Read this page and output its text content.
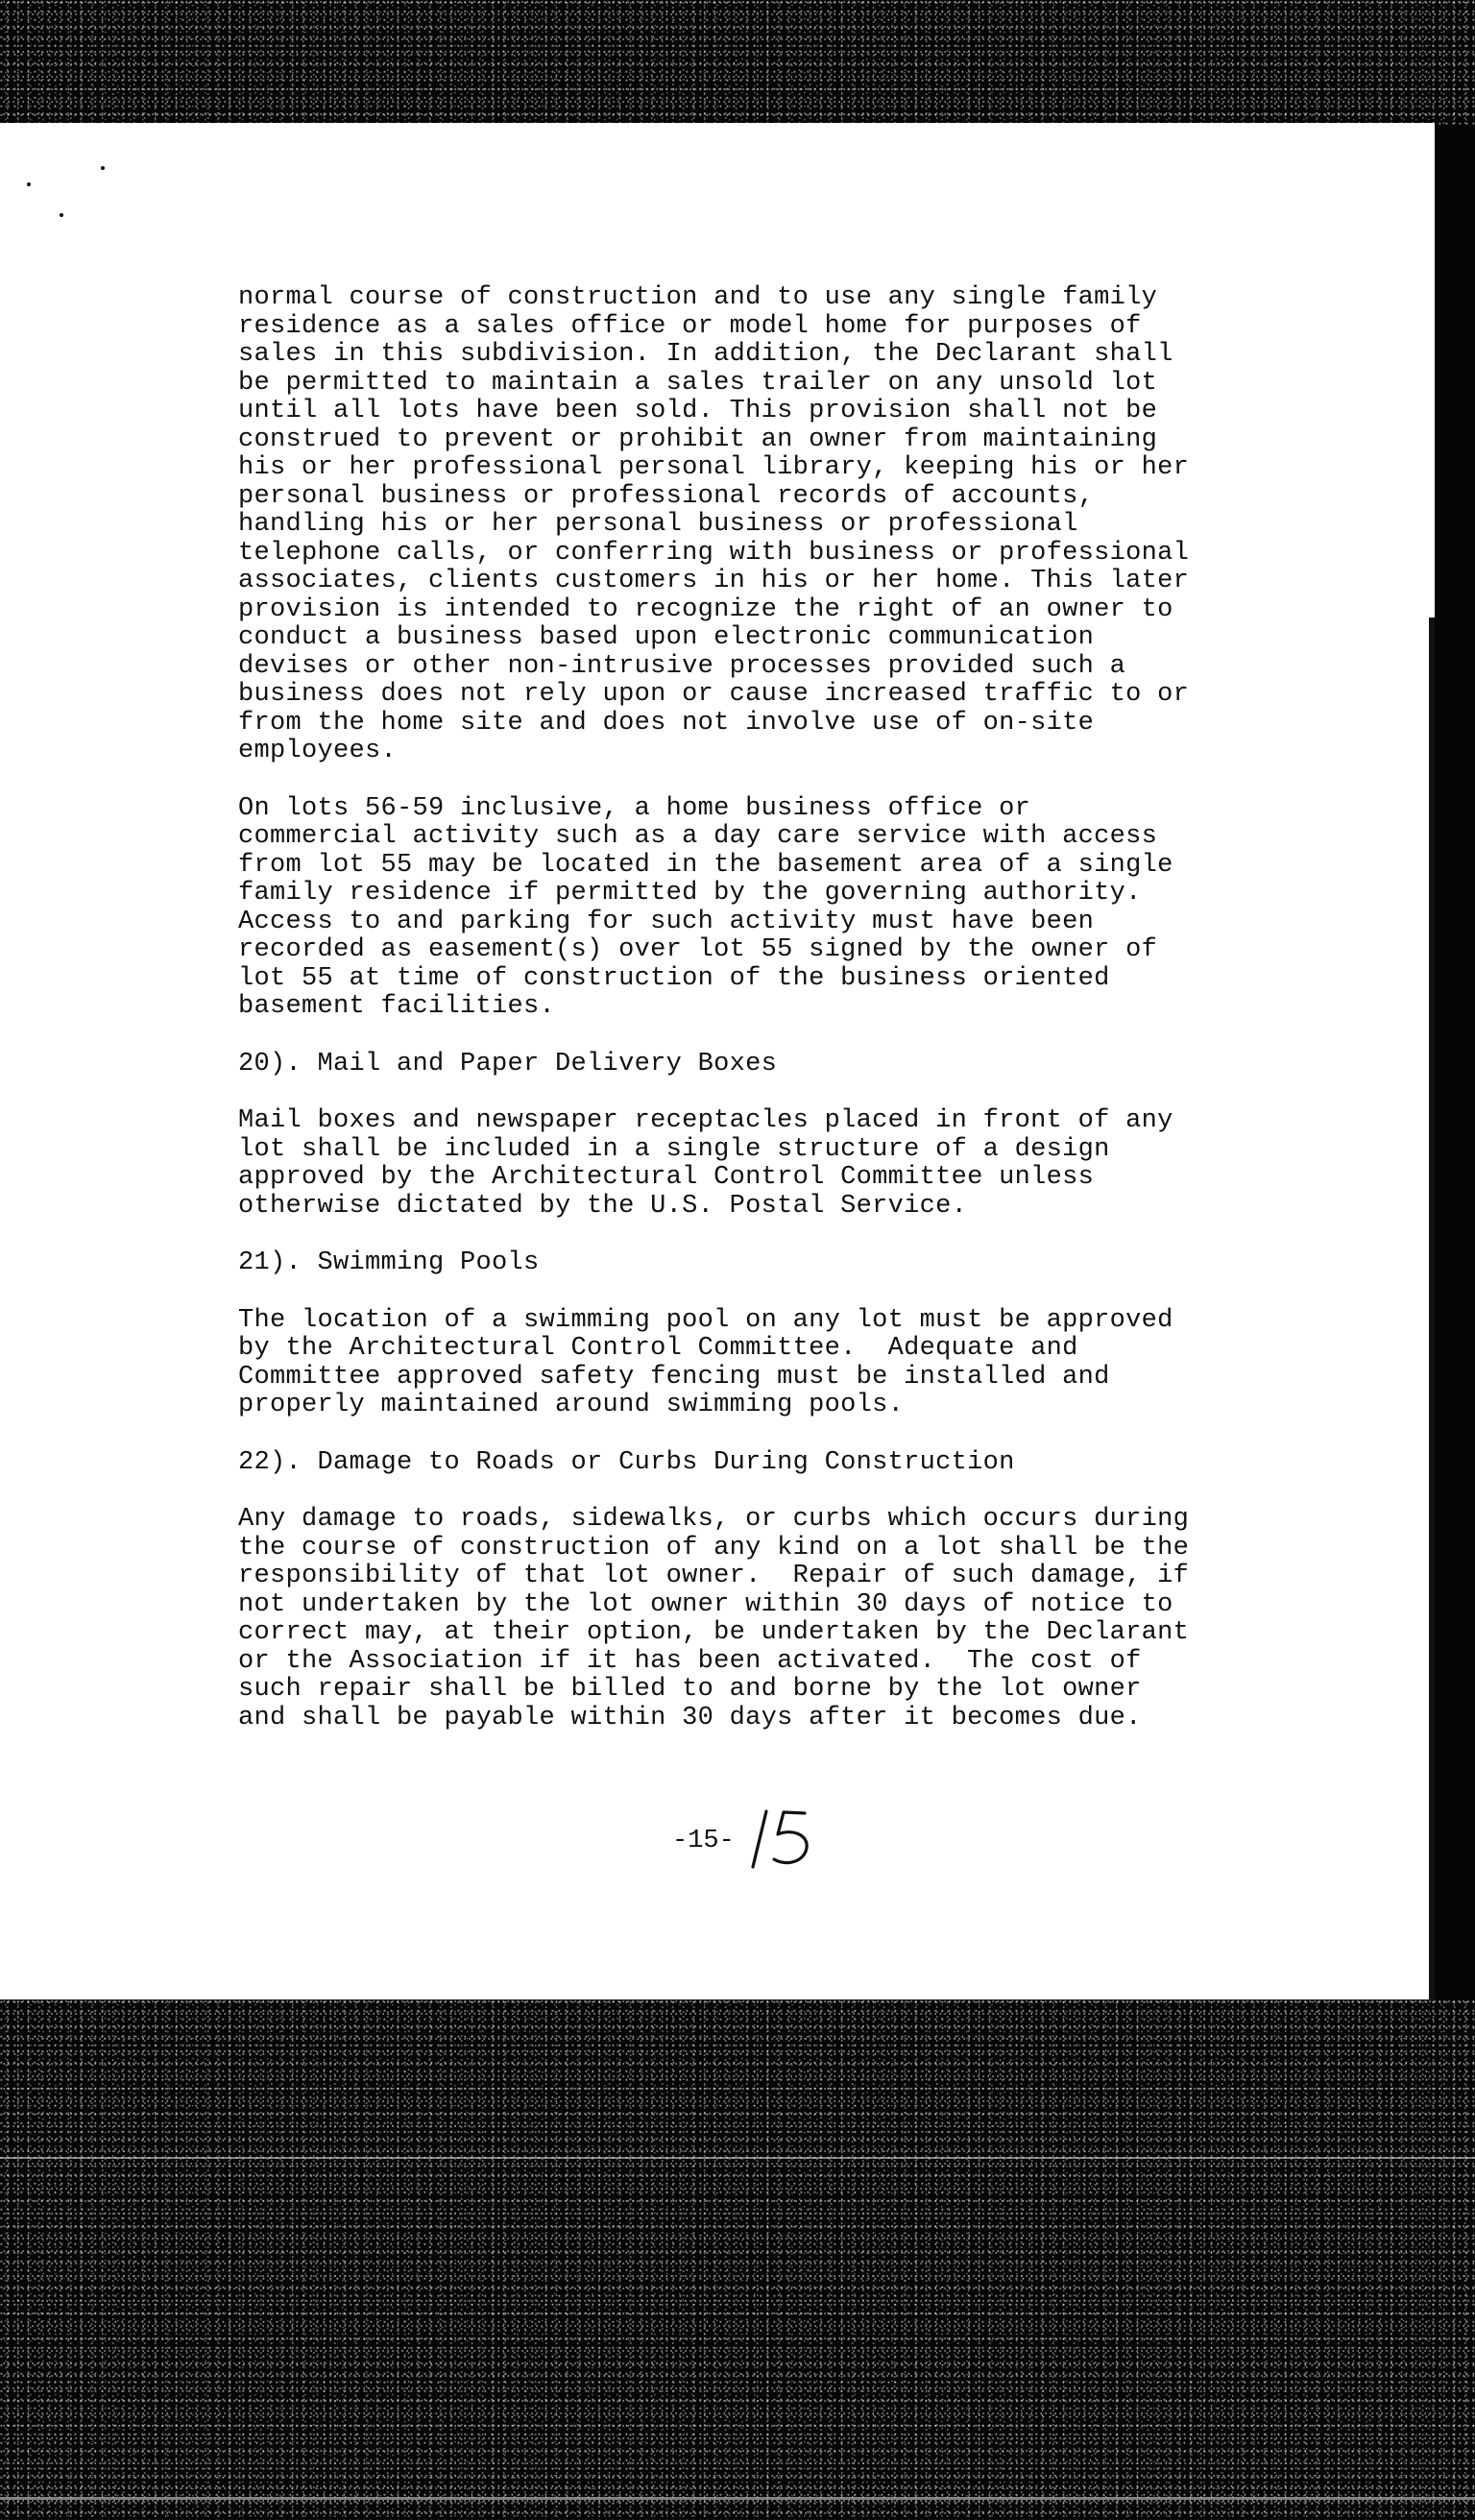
normal course of construction and to use any single family
residence as a sales office or model home for purposes of
sales in this subdivision. In addition, the Declarant shall
be permitted to maintain a sales trailer on any unsold lot
until all lots have been sold. This provision shall not be
construed to prevent or prohibit an owner from maintaining
his or her professional personal library, keeping his or her
personal business or professional records of accounts,
handling his or her personal business or professional
telephone calls, or conferring with business or professional
associates, clients customers in his or her home. This later
provision is intended to recognize the right of an owner to
conduct a business based upon electronic communication
devises or other non-intrusive processes provided such a
business does not rely upon or cause increased traffic to or
from the home site and does not involve use of on-site
employees.

On lots 56-59 inclusive, a home business office or
commercial activity such as a day care service with access
from lot 55 may be located in the basement area of a single
family residence if permitted by the governing authority.
Access to and parking for such activity must have been
recorded as easement(s) over lot 55 signed by the owner of
lot 55 at time of construction of the business oriented
basement facilities.

20). Mail and Paper Delivery Boxes

Mail boxes and newspaper receptacles placed in front of any
lot shall be included in a single structure of a design
approved by the Architectural Control Committee unless
otherwise dictated by the U.S. Postal Service.

21). Swimming Pools

The location of a swimming pool on any lot must be approved
by the Architectural Control Committee.  Adequate and
Committee approved safety fencing must be installed and
properly maintained around swimming pools.

22). Damage to Roads or Curbs During Construction

Any damage to roads, sidewalks, or curbs which occurs during
the course of construction of any kind on a lot shall be the
responsibility of that lot owner.  Repair of such damage, if
not undertaken by the lot owner within 30 days of notice to
correct may, at their option, be undertaken by the Declarant
or the Association if it has been activated.  The cost of
such repair shall be billed to and borne by the lot owner
and shall be payable within 30 days after it becomes due.

-15-
